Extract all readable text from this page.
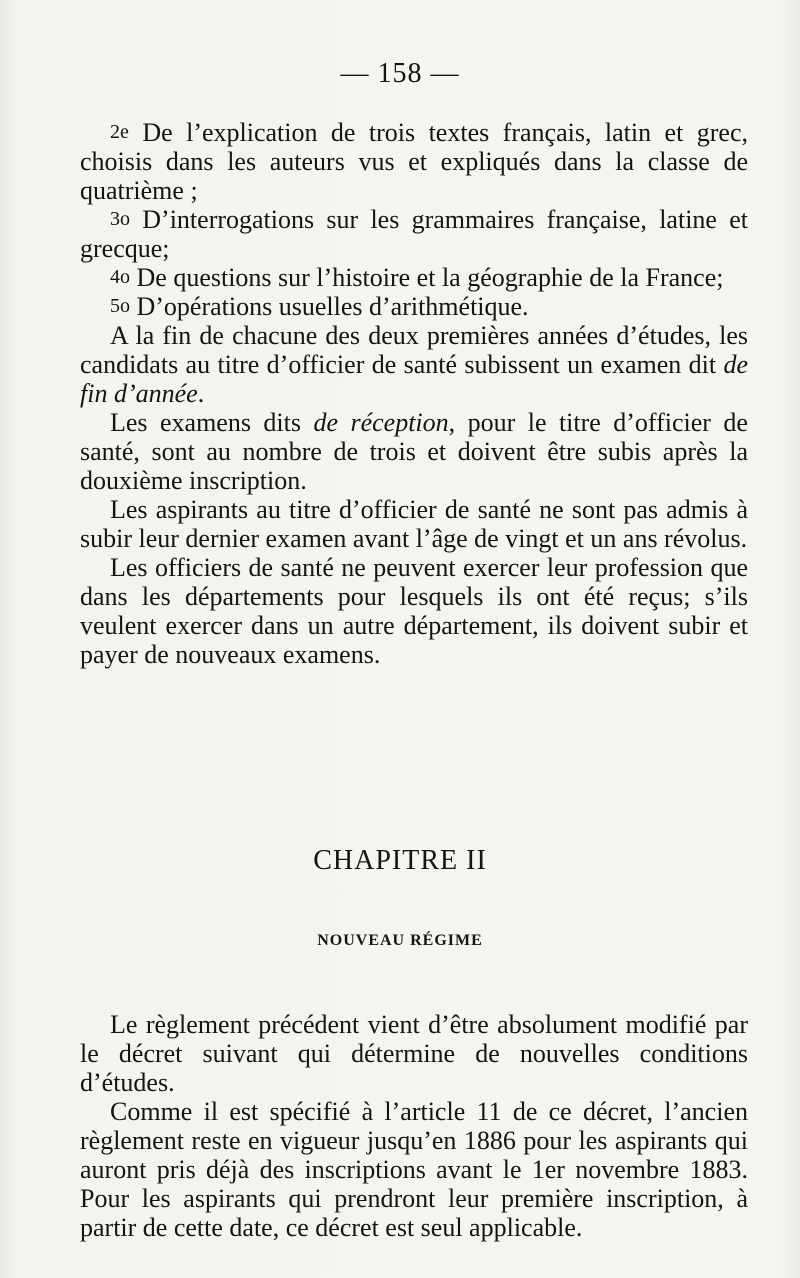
— 158 —

2e De l’explication de trois textes français, latin et grec, choisis dans les auteurs vus et expliqués dans la classe de quatrième ;

3o D’interrogations sur les grammaires française, latine et grecque;

4o De questions sur l’histoire et la géographie de la France;

5o D’opérations usuelles d’arithmétique.

A la fin de chacune des deux premières années d’études, les candidats au titre d’officier de santé subissent un examen dit de fin d’année.

Les examens dits de réception, pour le titre d’officier de santé, sont au nombre de trois et doivent être subis après la douxième inscription.

Les aspirants au titre d’officier de santé ne sont pas admis à subir leur dernier examen avant l’âge de vingt et un ans révolus.

Les officiers de santé ne peuvent exercer leur profession que dans les départements pour lesquels ils ont été reçus; s’ils veulent exercer dans un autre département, ils doivent subir et payer de nouveaux examens.

CHAPITRE II
NOUVEAU RÉGIME

Le règlement précédent vient d’être absolument modifié par le décret suivant qui détermine de nouvelles conditions d’études.

Comme il est spécifié à l’article 11 de ce décret, l’ancien règlement reste en vigueur jusqu’en 1886 pour les aspirants qui auront pris déjà des inscriptions avant le 1er novembre 1883. Pour les aspirants qui prendront leur première inscription, à partir de cette date, ce décret est seul applicable.
